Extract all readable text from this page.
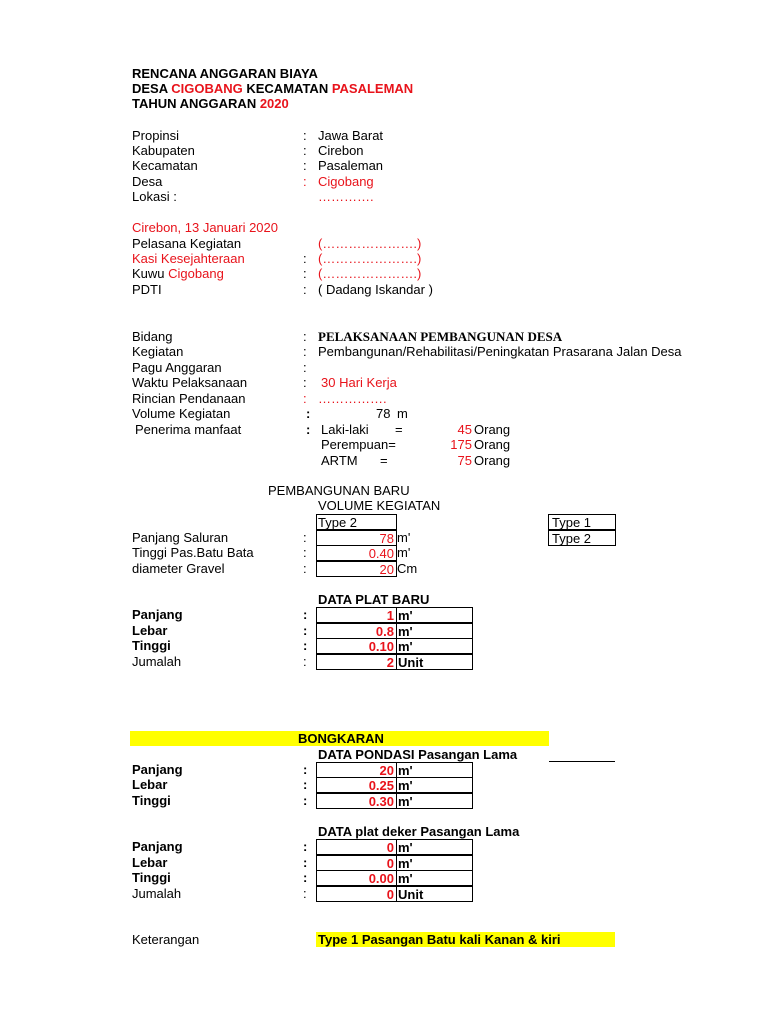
RENCANA ANGGARAN BIAYA
DESA CIGOBANG KECAMATAN PASALEMAN
TAHUN ANGGARAN 2020
Propinsi	: Jawa Barat
Kabupaten	: Cirebon
Kecamatan	: Pasaleman
Desa	: Cigobang
Lokasi :	………….
Cirebon, 13 Januari 2020
Pelasana Kegiatan	(………………….)
Kasi Kesejahteraan	: (………………….)
Kuwu Cigobang	: (………………….)
PDTI	: ( Dadang Iskandar )
Bidang	: PELAKSANAAN PEMBANGUNAN DESA
Kegiatan	: Pembangunan/Rehabilitasi/Peningkatan Prasarana Jalan Desa
Pagu Anggaran	:
Waktu Pelaksanaan	: 30 Hari Kerja
Rincian Pendanaan	: …………….
Volume Kegiatan	:	78 m
Penerima manfaat	: Laki-laki =	45 Orang
Perempuan=	175 Orang
ARTM =	75 Orang
PEMBANGUNAN BARU
VOLUME KEGIATAN
Type 2	Type 1
Type 2
Panjang Saluran	:	78 m'
Tinggi Pas.Batu Bata	:	0.40 m'
diameter Gravel	:	20 Cm
DATA PLAT BARU
Panjang	:	1 m'
Lebar	:	0.8 m'
Tinggi	:	0.10 m'
Jumalah	:	2 Unit
BONGKARAN
DATA PONDASI Pasangan Lama
Panjang	:	20 m'
Lebar	:	0.25 m'
Tinggi	:	0.30 m'
DATA plat deker Pasangan Lama
Panjang	:	0 m'
Lebar	:	0 m'
Tinggi	:	0.00 m'
Jumalah	:	0 Unit
Keterangan	Type 1 Pasangan Batu kali Kanan & kiri
